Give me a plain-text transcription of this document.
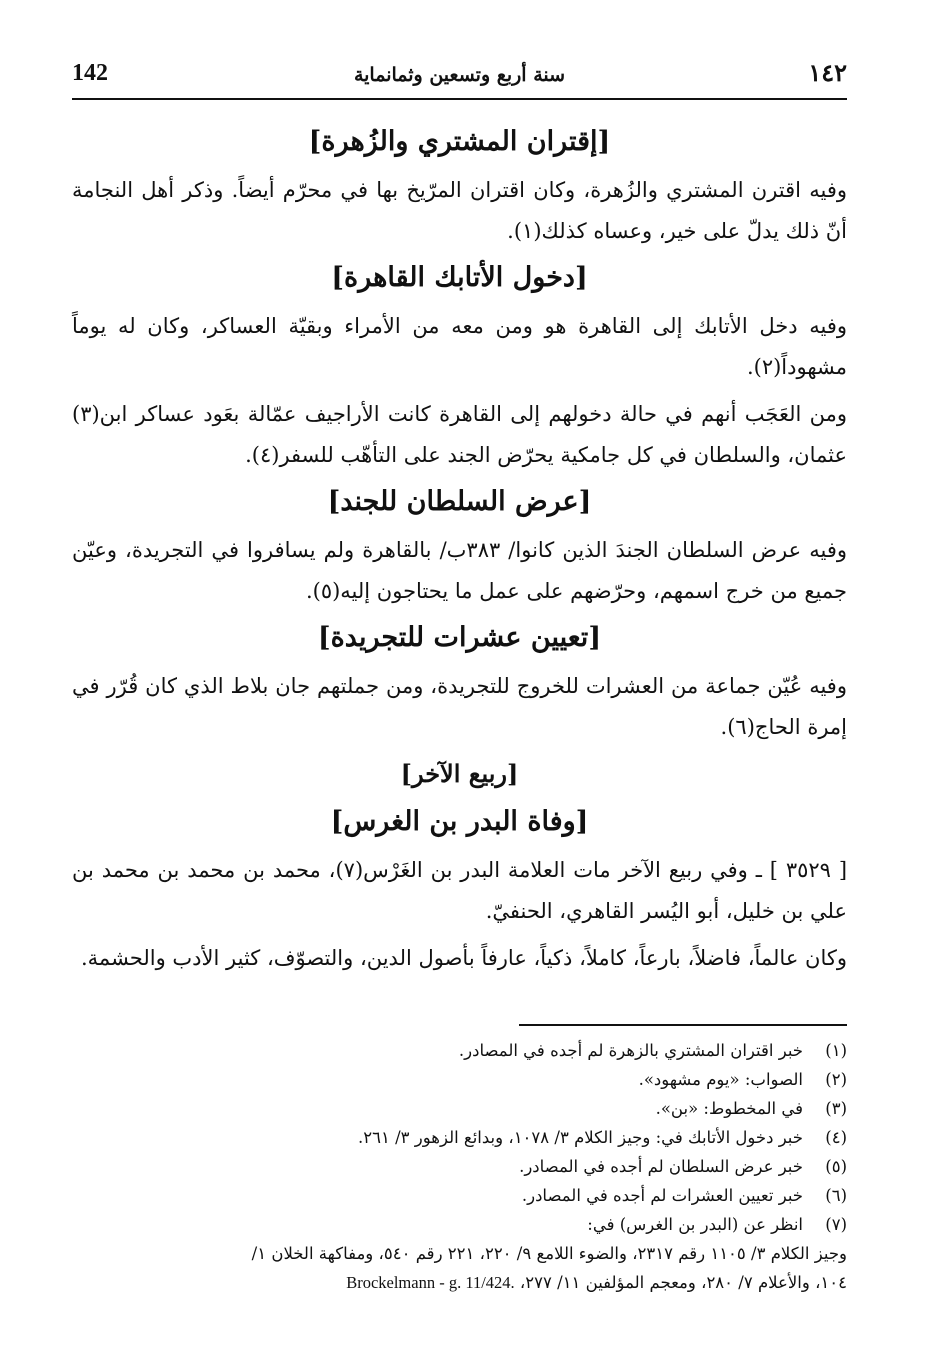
142	سنة أربع وتسعين وثمانماية	١٤٢
[إقتران المشتري والزُهرة]

وفيه اقترن المشتري والزُهرة، وكان اقتران المرّيخ بها في محرّم أيضاً. وذكر أهل النجامة أنّ ذلك يدلّ على خير، وعساه كذلك(١).

[دخول الأتابك القاهرة]

وفيه دخل الأتابك إلى القاهرة هو ومن معه من الأمراء وبقيّة العساكر، وكان له يوماً مشهوداً(٢).

ومن العَجَب أنهم في حالة دخولهم إلى القاهرة كانت الأراجيف عمّالة بعَود عساكر ابن(٣) عثمان، والسلطان في كل جامكية يحرّض الجند على التأهّب للسفر(٤).

[عرض السلطان للجند]

وفيه عرض السلطان الجندَ الذين كانوا/ ٣٨٣ب/ بالقاهرة ولم يسافروا في التجريدة، وعيّن جميع من خرج اسمهم، وحرّضهم على عمل ما يحتاجون إليه(٥).

[تعيين عشرات للتجريدة]

وفيه عُيّن جماعة من العشرات للخروج للتجريدة، ومن جملتهم جان بلاط الذي كان قُرّر في إمرة الحاج(٦).

[ربيع الآخر]
[وفاة البدر بن الغرس]

[ ٣٥٢٩ ] ـ وفي ربيع الآخر مات العلامة البدر بن الغَرْس(٧)، محمد بن محمد بن محمد بن علي بن خليل، أبو اليُسر القاهري، الحنفيّ.

وكان عالماً، فاضلاً، بارعاً، كاملاً، ذكياً، عارفاً بأصول الدين، والتصوّف، كثير الأدب والحشمة.

(١)
خبر اقتران المشتري بالزهرة لم أجده في المصادر.
(٢)
الصواب: «يوم مشهود».
(٣)
في المخطوط: «بن».
(٤)
خبر دخول الأتابك في: وجيز الكلام ٣/ ١٠٧٨، وبدائع الزهور ٣/ ٢٦١.
(٥)
خبر عرض السلطان لم أجده في المصادر.
(٦)
خبر تعيين العشرات لم أجده في المصادر.
(٧)
انظر عن (البدر بن الغرس) في:
وجيز الكلام ٣/ ١١٠٥ رقم ٢٣١٧، والضوء اللامع ٩/ ٢٢٠، ٢٢١ رقم ٥٤٠، ومفاكهة الخلان ١/
١٠٤، والأعلام ٧/ ٢٨٠، ومعجم المؤلفين ١١/ ٢٧٧، Brockelmann - g. 11/424.
